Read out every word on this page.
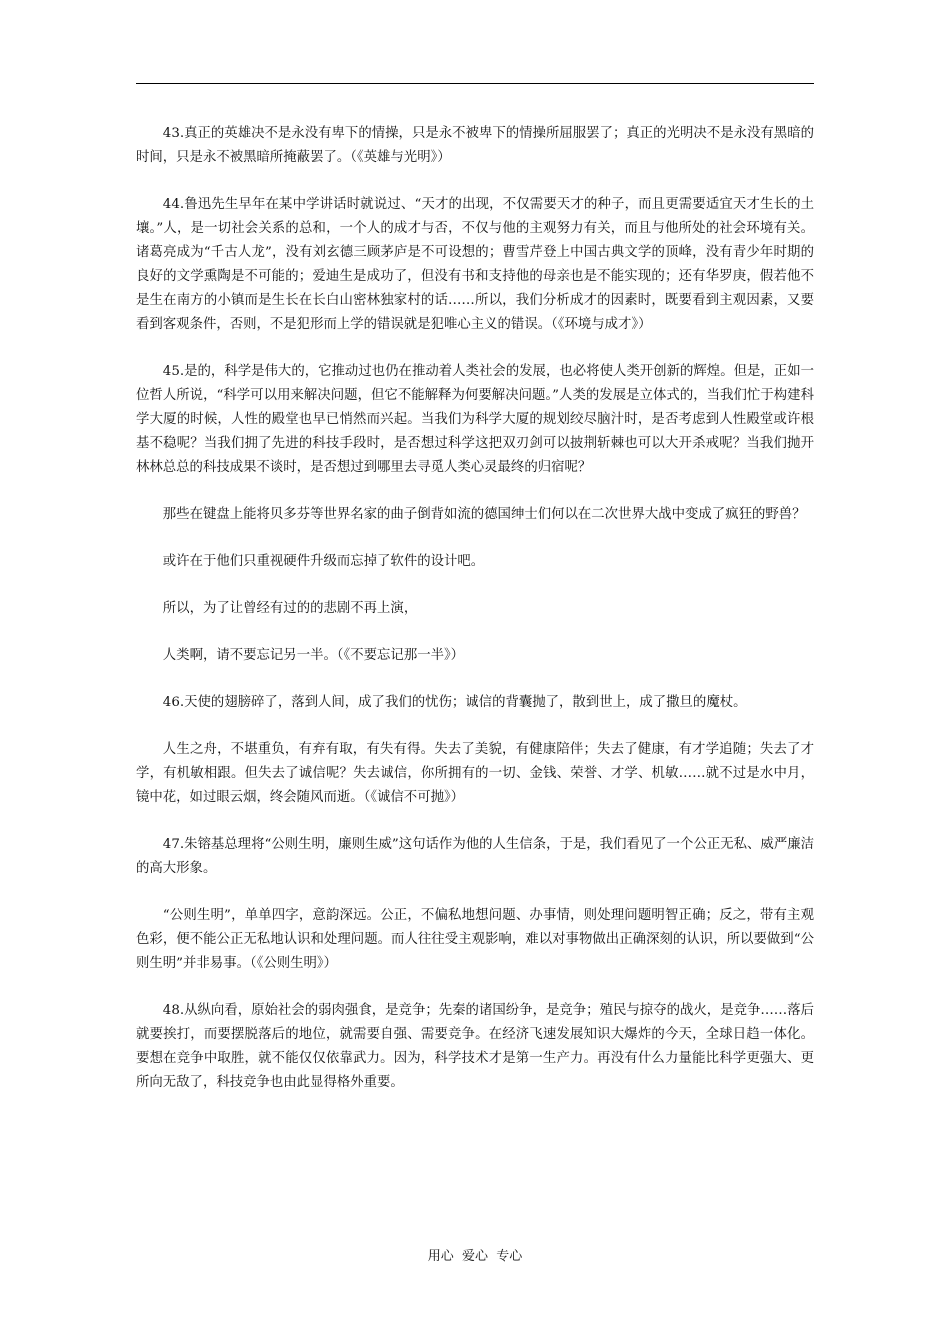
43.真正的英雄决不是永没有卑下的情操，只是永不被卑下的情操所屈服罢了；真正的光明决不是永没有黑暗的时间，只是永不被黑暗所掩蔽罢了。（《英雄与光明》）

44.鲁迅先生早年在某中学讲话时就说过、“天才的出现，不仅需要天才的种子，而且更需要适宜天才生长的土壤。”人，是一切社会关系的总和，一个人的成才与否，不仅与他的主观努力有关，而且与他所处的社会环境有关。诸葛亮成为“千古人龙”，没有刘玄德三顾茅庐是不可设想的；曹雪芹登上中国古典文学的顶峰，没有青少年时期的良好的文学熏陶是不可能的；爱迪生是成功了，但没有书和支持他的母亲也是不能实现的；还有华罗庚，假若他不是生在南方的小镇而是生长在长白山密林独家村的话……所以，我们分析成才的因素时，既要看到主观因素，又要看到客观条件，否则，不是犯形而上学的错误就是犯唯心主义的错误。（《环境与成才》）

45.是的，科学是伟大的，它推动过也仍在推动着人类社会的发展，也必将使人类开创新的辉煌。但是，正如一位哲人所说，“科学可以用来解决问题，但它不能解释为何要解决问题。”人类的发展是立体式的，当我们忙于构建科学大厦的时候，人性的殿堂也早已悄然而兴起。当我们为科学大厦的规划绞尽脑汁时，是否考虑到人性殿堂或许根基不稳呢？当我们拥了先进的科技手段时，是否想过科学这把双刃剑可以披荆斩棘也可以大开杀戒呢？当我们抛开林林总总的科技成果不谈时，是否想过到哪里去寻觅人类心灵最终的归宿呢？

那些在键盘上能将贝多芬等世界名家的曲子倒背如流的德国绅士们何以在二次世界大战中变成了疯狂的野兽？

或许在于他们只重视硬件升级而忘掉了软件的设计吧。

所以，为了让曾经有过的的悲剧不再上演，

人类啊，请不要忘记另一半。（《不要忘记那一半》）

46.天使的翅膀碎了，落到人间，成了我们的忧伤；诚信的背囊抛了，散到世上，成了撒旦的魔杖。

人生之舟，不堪重负，有弃有取，有失有得。失去了美貌，有健康陪伴；失去了健康，有才学追随；失去了才学，有机敏相跟。但失去了诚信呢？失去诚信，你所拥有的一切、金钱、荣誉、才学、机敏……就不过是水中月，镜中花，如过眼云烟，终会随风而逝。（《诚信不可抛》）

47.朱镕基总理将“公则生明，廉则生威”这句话作为他的人生信条，于是，我们看见了一个公正无私、威严廉洁的高大形象。

“公则生明”，单单四字，意韵深远。公正，不偏私地想问题、办事情，则处理问题明智正确；反之，带有主观色彩，便不能公正无私地认识和处理问题。而人往往受主观影响，难以对事物做出正确深刻的认识，所以要做到“公则生明”并非易事。（《公则生明》）

48.从纵向看，原始社会的弱肉强食，是竞争；先秦的诸国纷争，是竞争；殖民与掠夺的战火，是竞争……落后就要挨打，而要摆脱落后的地位，就需要自强、需要竞争。在经济飞速发展知识大爆炸的今天，全球日趋一体化。要想在竞争中取胜，就不能仅仅依靠武力。因为，科学技术才是第一生产力。再没有什么力量能比科学更强大、更所向无敌了，科技竞争也由此显得格外重要。

用心  爱心  专心
